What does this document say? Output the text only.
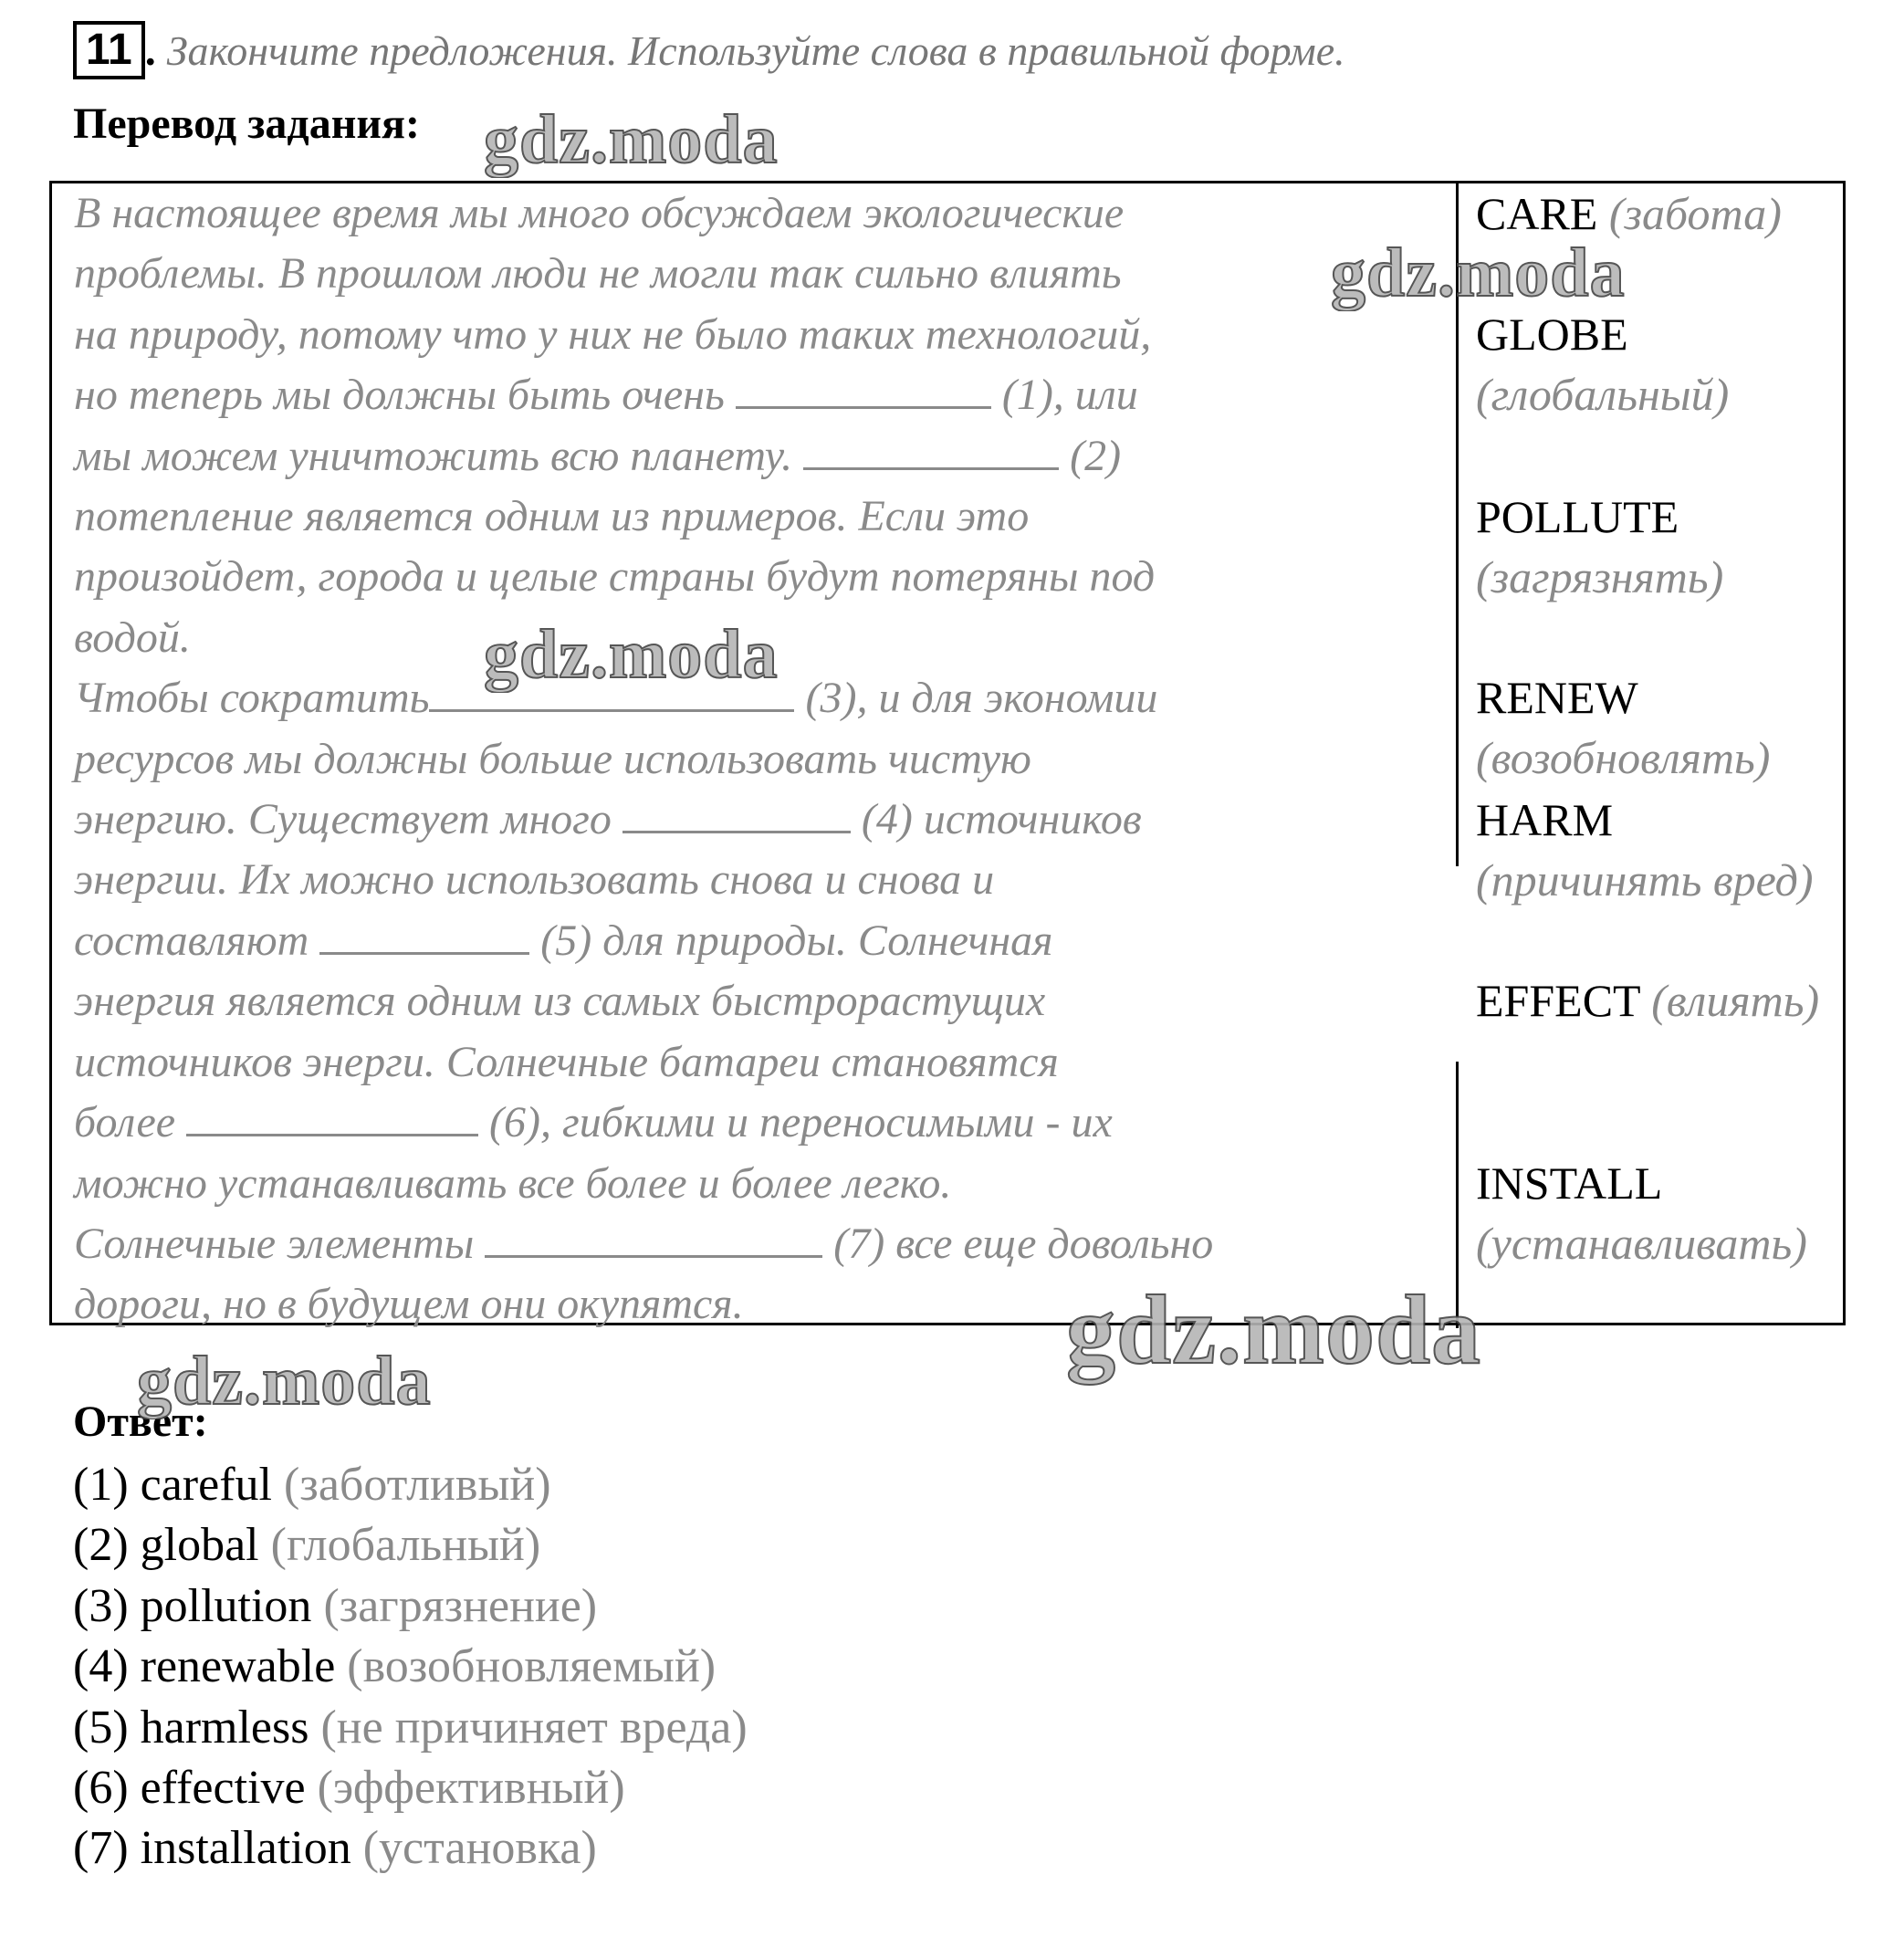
11 . Закончите предложения. Используйте слова в правильной форме.
Перевод задания:

В настоящее время мы много обсуждаем экологические

проблемы. В прошлом люди не могли так сильно влиять

на природу, потому что у них не было таких технологий,

но теперь мы должны быть очень	(1), или

мы можем уничтожить всю планету.	(2)

потепление является одним из примеров. Если это

произойдет, города и целые страны будут потеряны под

водой.

Чтобы сократить	(3), и для экономии

ресурсов мы должны больше использовать чистую

энергию. Существует много	(4) источников

энергии. Их можно использовать снова и снова и

составляют	(5) для природы. Солнечная

энергия является одним из самых быстрорастущих

источников энерги. Солнечные батареи становятся

более	(6), гибкими и переносимыми - их

можно устанавливать все более и более легко.

Солнечные элементы	(7) все еще довольно

дороги, но в будущем они окупятся.

CARE (забота)
GLOBE
(глобальный)
POLLUTE
(загрязнять)
RENEW
(возобновлять)
HARM
(причинять вред)
EFFECT (влиять)
INSTALL
(устанавливать)
Ответ:
(1) careful (заботливый)
(2) global (глобальный)
(3) pollution (загрязнение)
(4) renewable (возобновляемый)
(5) harmless (не причиняет вреда)
(6) effective (эффективный)
(7) installation (установка)
gdz.moda
gdz.moda
gdz.moda
gdz.moda
gdz.moda
